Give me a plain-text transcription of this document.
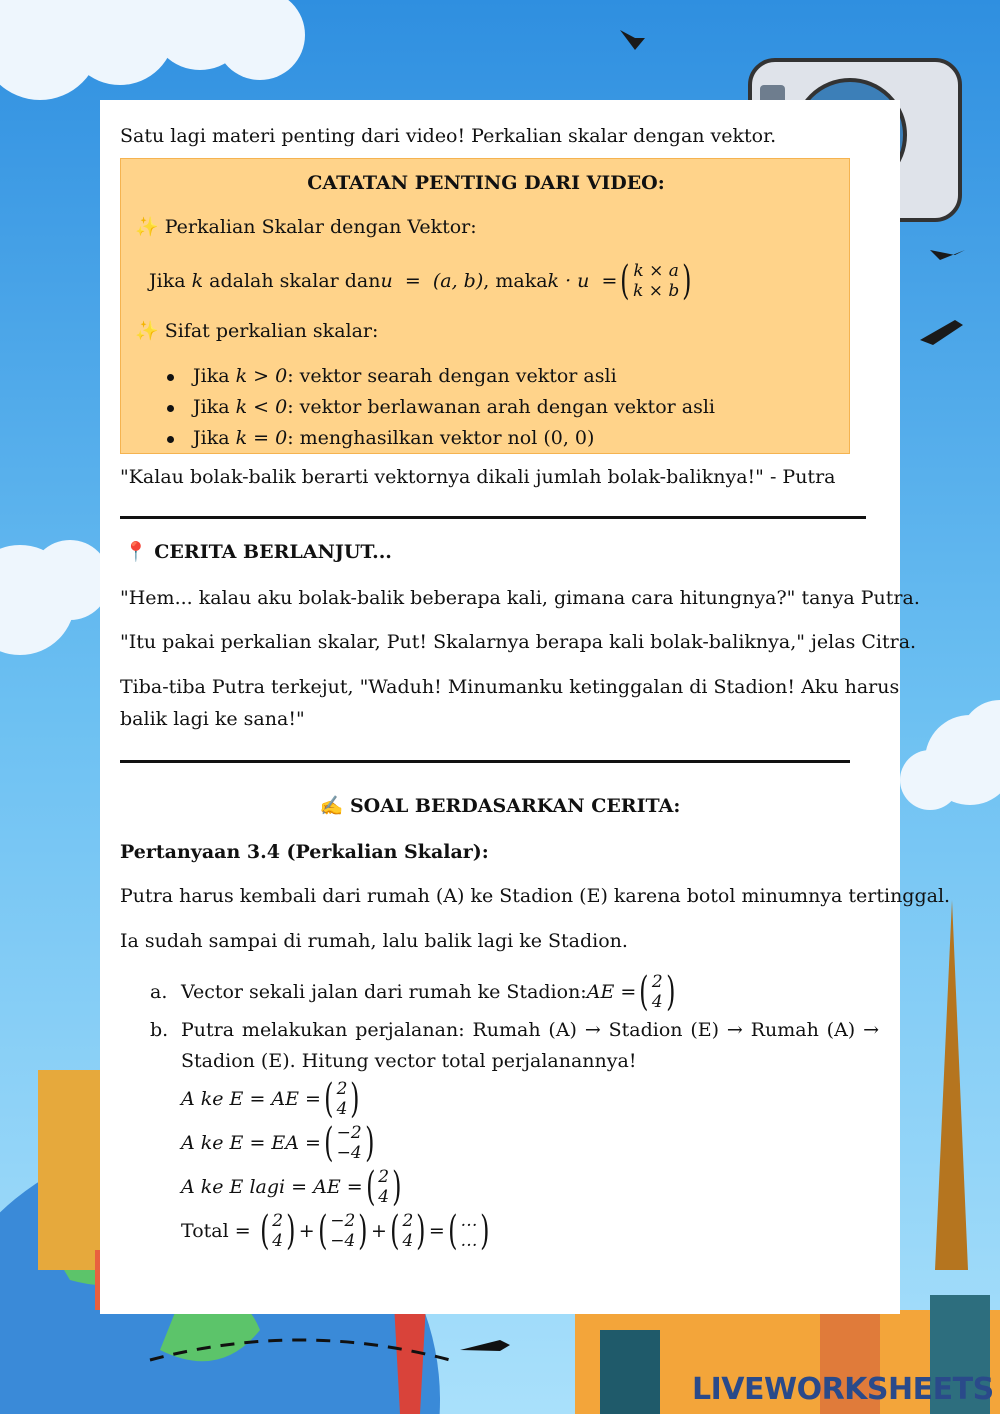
Satu lagi materi penting dari video! Perkalian skalar dengan vektor.
CATATAN PENTING DARI VIDEO:
✨ Perkalian Skalar dengan Vektor:
Jika
k
adalah skalar dan u
=
(a, b) , maka k · u
= ( k × a
k × b )
✨ Sifat perkalian skalar:
Jika k > 0: vektor searah dengan vektor asli
Jika k < 0: vektor berlawanan arah dengan vektor asli
Jika k = 0: menghasilkan vektor nol (0, 0)
"Kalau bolak-balik berarti vektornya dikali jumlah bolak-baliknya!" - Putra
📍 CERITA BERLANJUT...
"Hem... kalau aku bolak-balik beberapa kali, gimana cara hitungnya?" tanya Putra.
"Itu pakai perkalian skalar, Put! Skalarnya berapa kali bolak-baliknya," jelas Citra.
Tiba-tiba Putra terkejut, "Waduh! Minumanku ketinggalan di Stadion! Aku harus
balik lagi ke sana!"
✍️ SOAL BERDASARKAN CERITA:
Pertanyaan 3.4 (Perkalian Skalar):
Putra harus kembali dari rumah (A) ke Stadion (E) karena botol minumnya tertinggal.
Ia sudah sampai di rumah, lalu balik lagi ke Stadion.
a. Vector sekali jalan dari rumah ke Stadion: AE = ( 2
4 )
b. Putra melakukan perjalanan: Rumah (A) → Stadion (E) → Rumah (A) →
Stadion (E). Hitung vector total perjalanannya!
A ke E = AE = ( 2
4 )
A ke E = EA = ( −2
−4 )
A ke E lagi = AE = ( 2
4 )
Total =
( 2
4 ) + ( −2
−4 ) + ( 2
4 ) = ( …
… )
LIVEWORKSHEETS
